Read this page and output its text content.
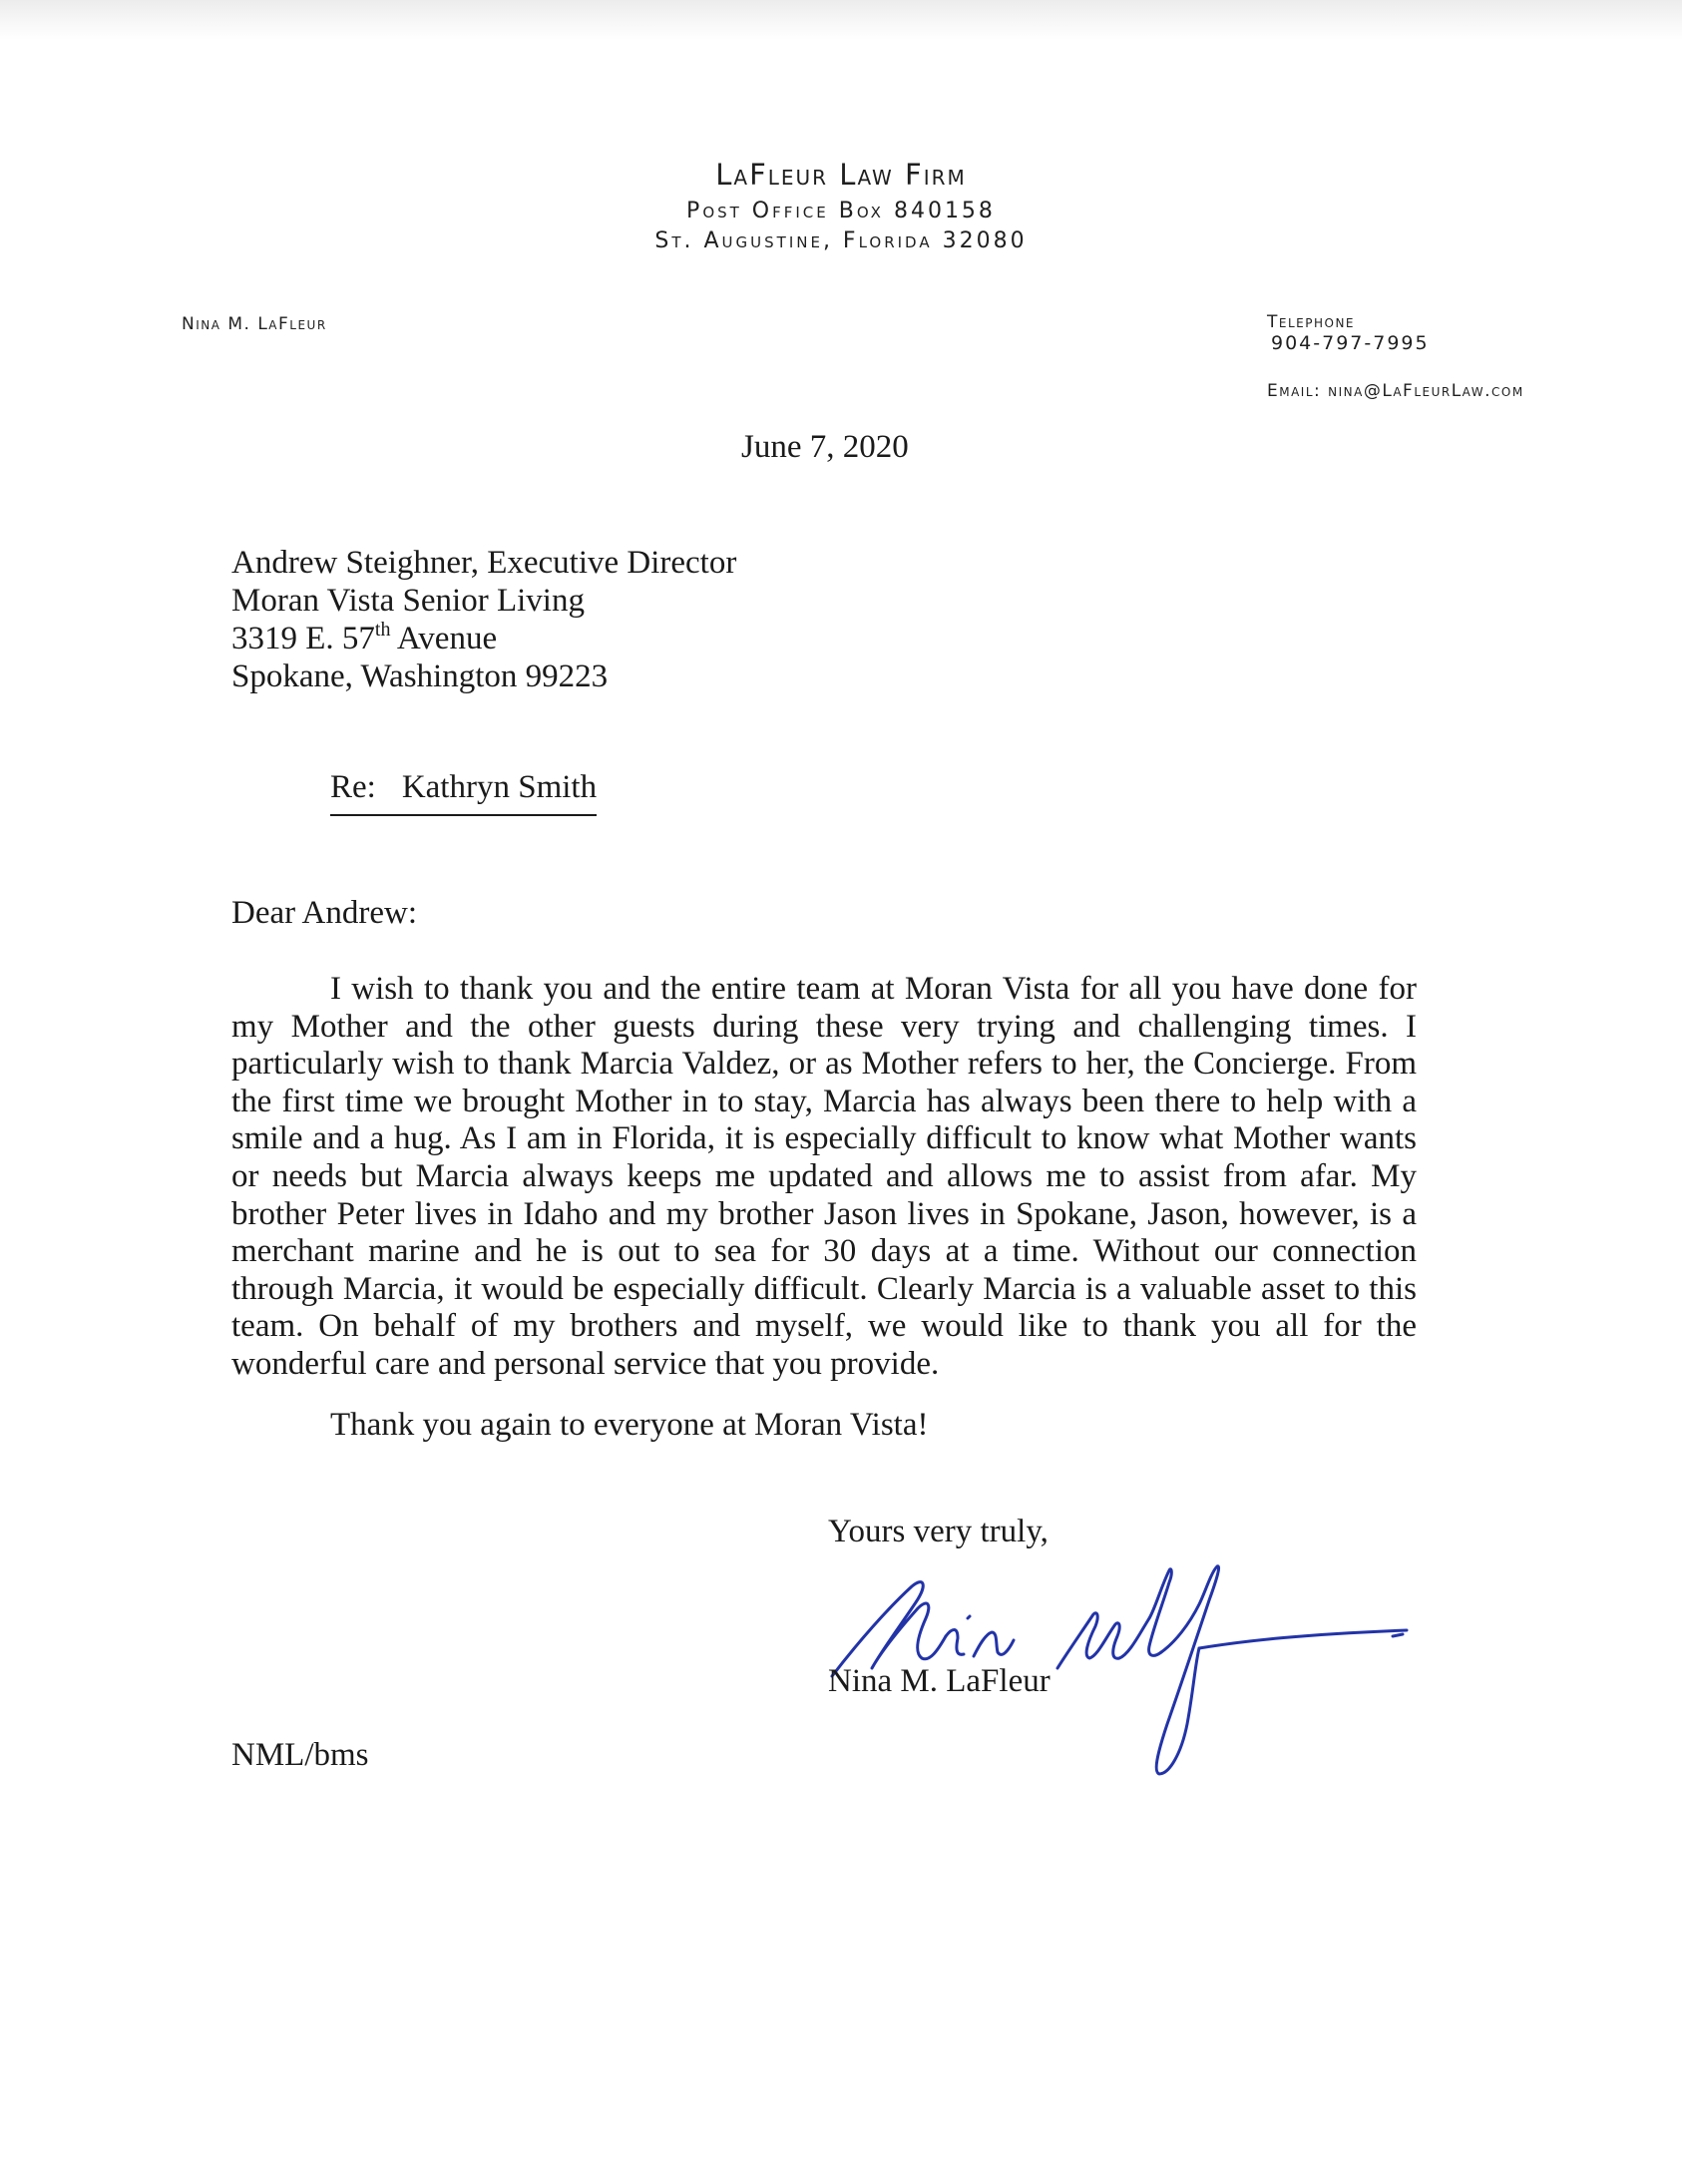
LaFleur Law Firm
Post Office Box 840158
St. Augustine, Florida 32080
Nina M. LaFleur	Telephone
904-797-7995
Email: nina@LaFleurLaw.com
June 7, 2020
Andrew Steighner, Executive Director
Moran Vista Senior Living
3319 E. 57th Avenue
Spokane, Washington 99223
Re: Kathryn Smith
Dear Andrew:
I wish to thank you and the entire team at Moran Vista for all you have done for my Mother and the other guests during these very trying and challenging times. I particularly wish to thank Marcia Valdez, or as Mother refers to her, the Concierge. From the first time we brought Mother in to stay, Marcia has always been there to help with a smile and a hug. As I am in Florida, it is especially difficult to know what Mother wants or needs but Marcia always keeps me updated and allows me to assist from afar. My brother Peter lives in Idaho and my brother Jason lives in Spokane, Jason, however, is a merchant marine and he is out to sea for 30 days at a time. Without our connection through Marcia, it would be especially difficult. Clearly Marcia is a valuable asset to this team. On behalf of my brothers and myself, we would like to thank you all for the wonderful care and personal service that you provide.
Thank you again to everyone at Moran Vista!
Yours very truly,
Nina M. LaFleur
NML/bms
